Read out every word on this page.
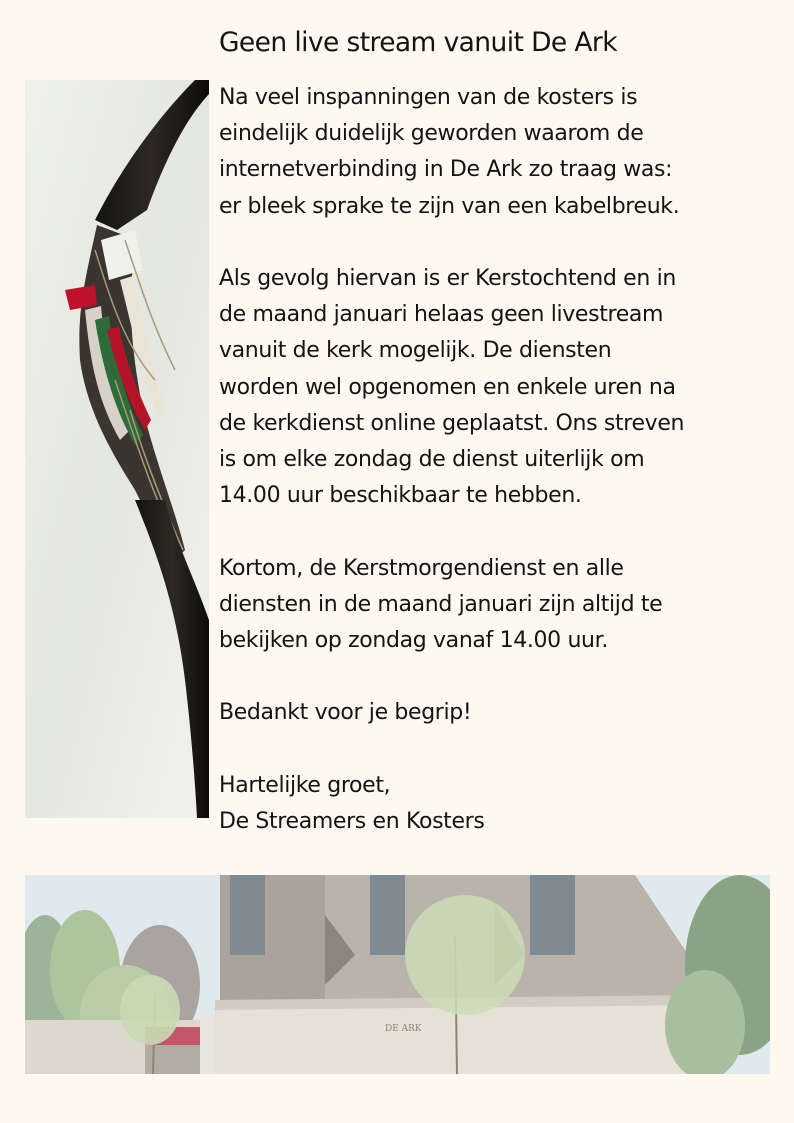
Geen live stream vanuit De Ark

Na veel inspanningen van de kosters is
eindelijk duidelijk geworden waarom de
internetverbinding in De Ark zo traag was:
er bleek sprake te zijn van een kabelbreuk.

Als gevolg hiervan is er Kerstochtend en in
de maand januari helaas geen livestream
vanuit de kerk mogelijk. De diensten
worden wel opgenomen en enkele uren na
de kerkdienst online geplaatst. Ons streven
is om elke zondag de dienst uiterlijk om
14.00 uur beschikbaar te hebben.

Kortom, de Kerstmorgendienst en alle
diensten in de maand januari zijn altijd te
bekijken op zondag vanaf 14.00 uur.

Bedankt voor je begrip!

Hartelijke groet,
De Streamers en Kosters

DE ARK
